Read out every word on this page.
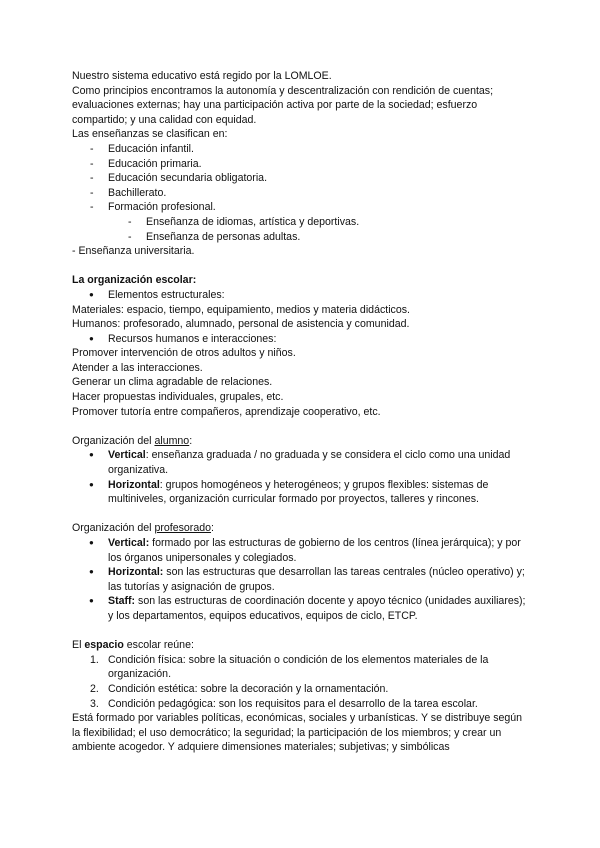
Nuestro sistema educativo está regido por la LOMLOE.

Como principios encontramos la autonomía y descentralización con rendición de cuentas; evaluaciones externas; hay una participación activa por parte de la sociedad; esfuerzo compartido; y una calidad con equidad.

Las enseñanzas se clasifican en:

- Educación infantil.
- Educación primaria.
- Educación secundaria obligatoria.
- Bachillerato.
- Formación profesional.
- Enseñanza de idiomas, artística y deportivas.
- Enseñanza de personas adultas.

- Enseñanza universitaria.

La organización escolar:

● Elementos estructurales:

Materiales: espacio, tiempo, equipamiento, medios y materia didácticos.

Humanos: profesorado, alumnado, personal de asistencia y comunidad.

● Recursos humanos e interacciones:

Promover intervención de otros adultos y niños.

Atender a las interacciones.

Generar un clima agradable de relaciones.

Hacer propuestas individuales, grupales, etc.

Promover tutoría entre compañeros, aprendizaje cooperativo, etc.

Organización del alumno:

● Vertical: enseñanza graduada / no graduada y se considera el ciclo como una unidad organizativa.
● Horizontal: grupos homogéneos y heterogéneos; y grupos flexibles: sistemas de multiniveles, organización curricular formado por proyectos, talleres y rincones.

Organización del profesorado:

● Vertical: formado por las estructuras de gobierno de los centros (línea jerárquica); y por los órganos unipersonales y colegiados.
● Horizontal: son las estructuras que desarrollan las tareas centrales (núcleo operativo) y; las tutorías y asignación de grupos.
● Staff: son las estructuras de coordinación docente y apoyo técnico (unidades auxiliares); y los departamentos, equipos educativos, equipos de ciclo, ETCP.

El espacio escolar reúne:

1. Condición física: sobre la situación o condición de los elementos materiales de la organización.
2. Condición estética: sobre la decoración y la ornamentación.
3. Condición pedagógica: son los requisitos para el desarrollo de la tarea escolar.

Está formado por variables políticas, económicas, sociales y urbanísticas. Y se distribuye según la flexibilidad; el uso democrático; la seguridad; la participación de los miembros; y crear un ambiente acogedor. Y adquiere dimensiones materiales; subjetivas; y simbólicas
